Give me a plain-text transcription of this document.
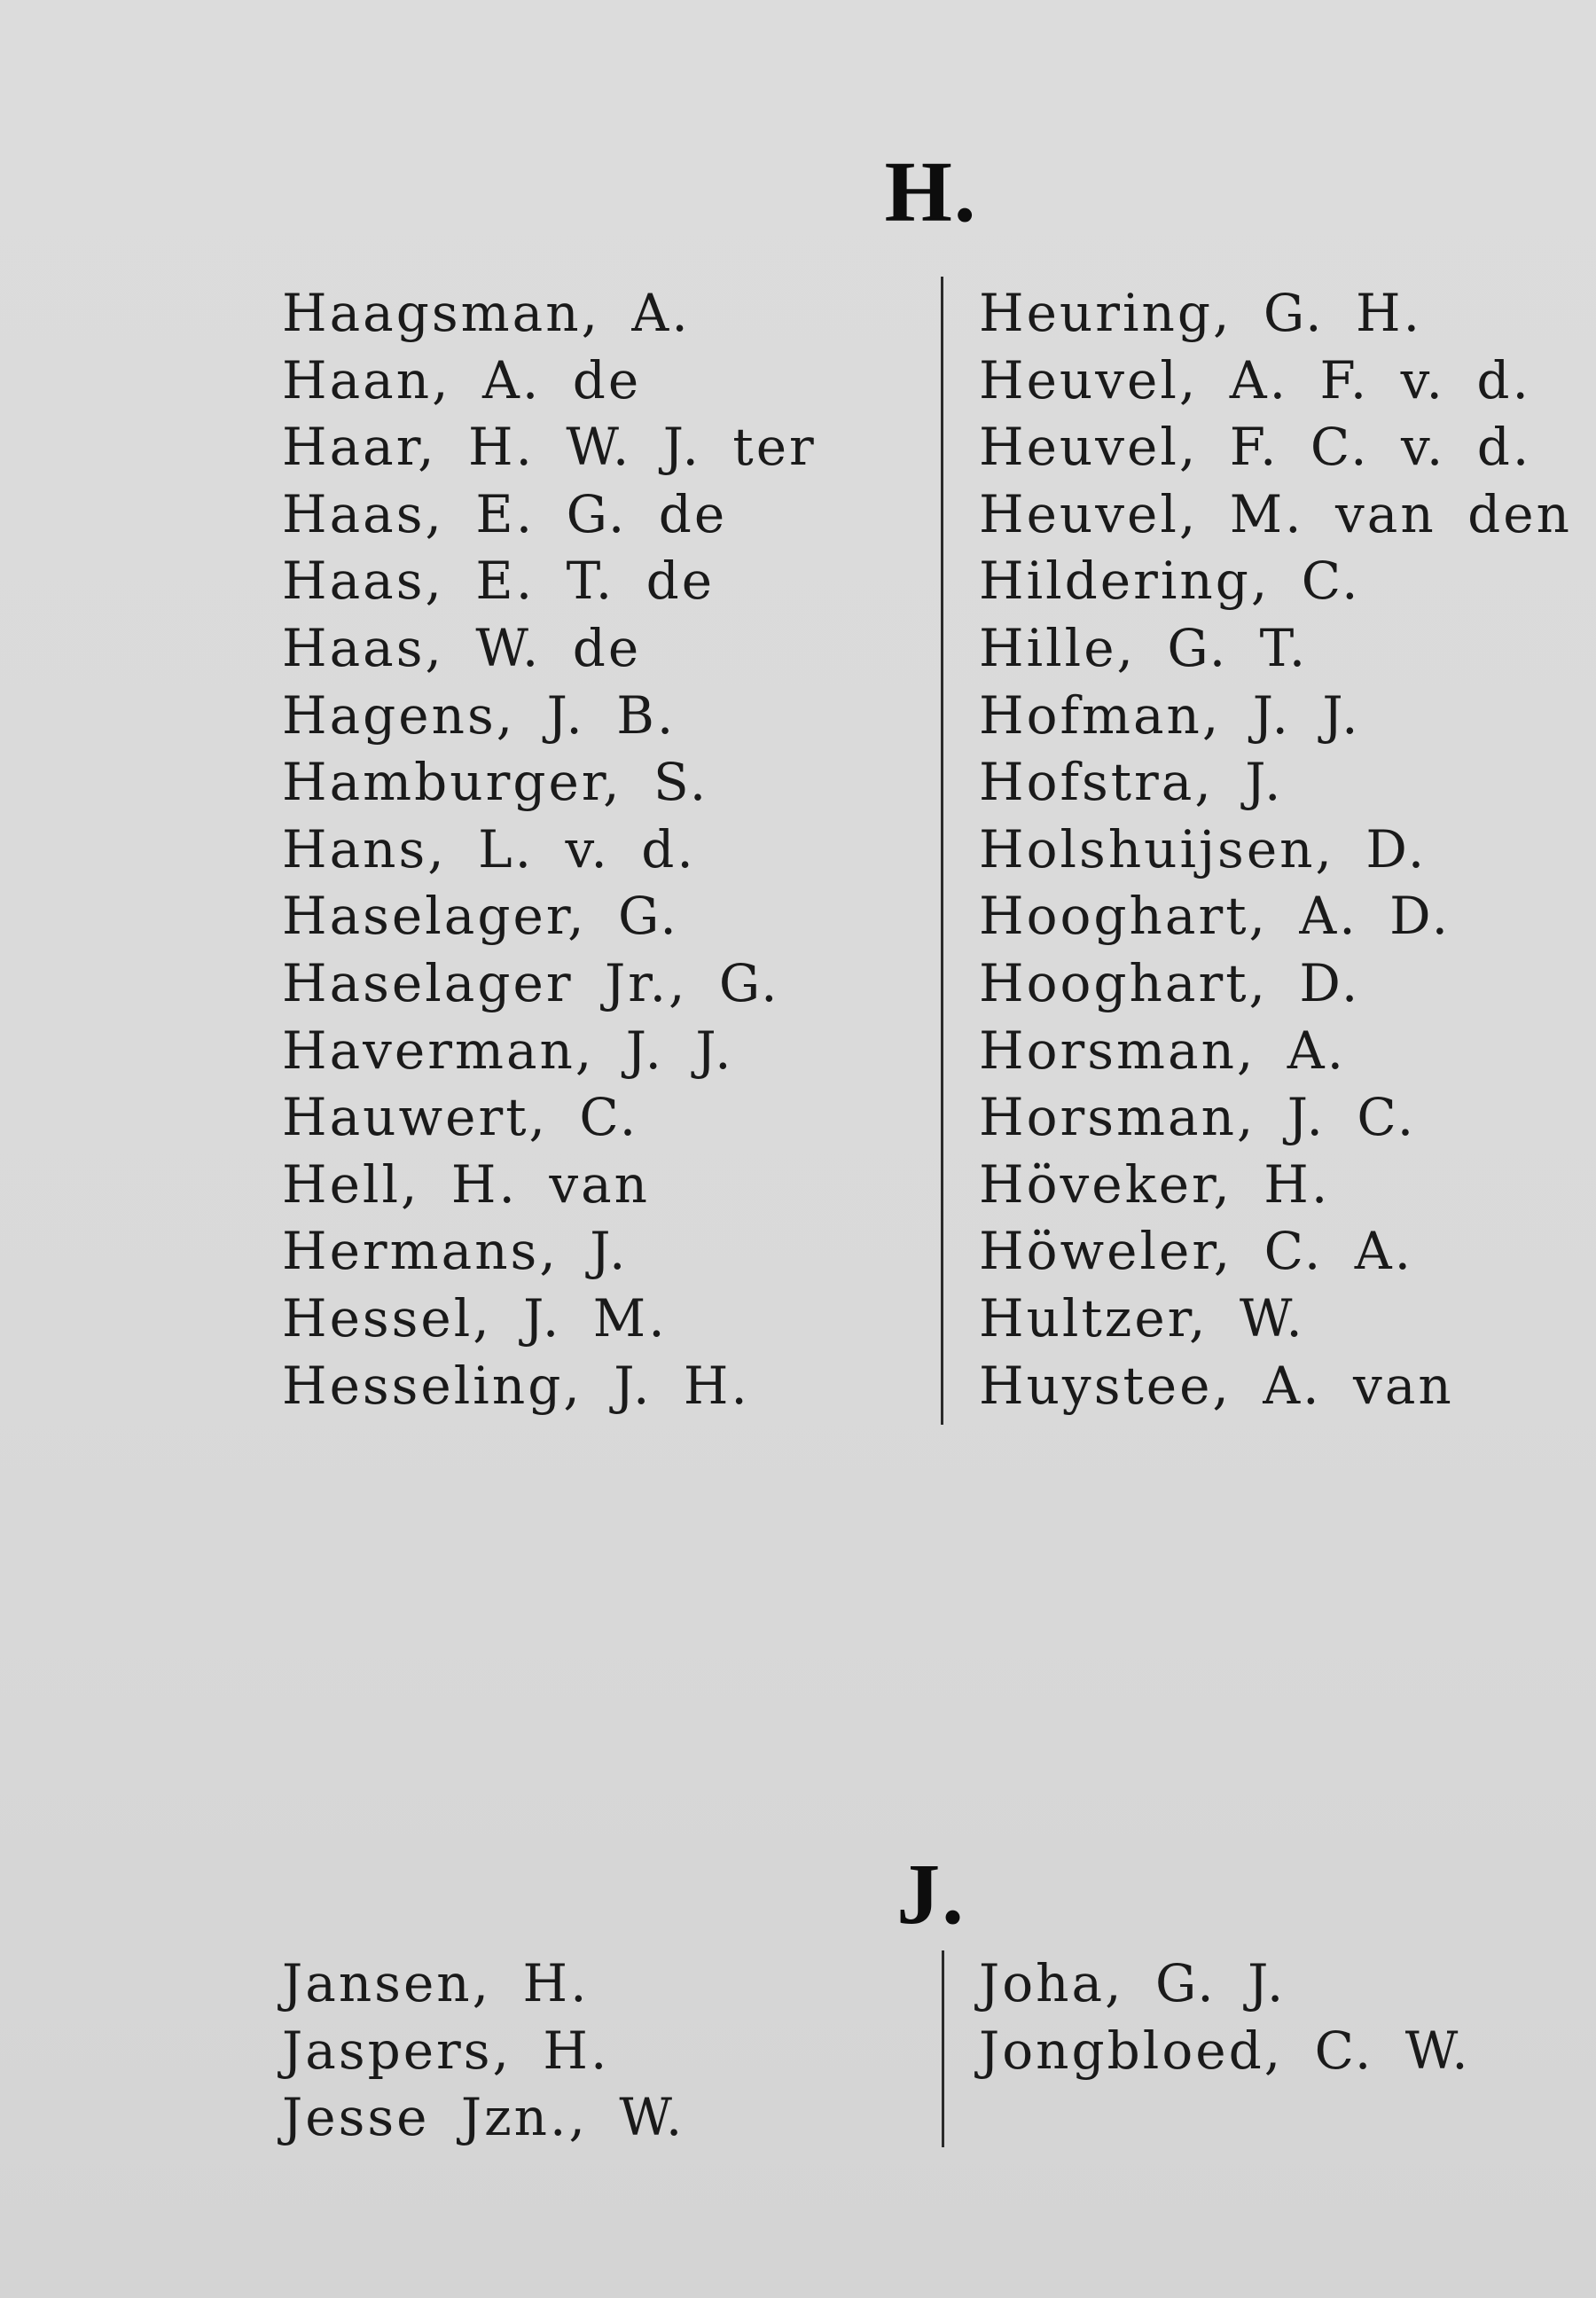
H.
Haagsman, A.
Haan, A. de
Haar, H. W. J. ter
Haas, E. G. de
Haas, E. T. de
Haas, W. de
Hagens, J. B.
Hamburger, S.
Hans, L. v. d.
Haselager, G.
Haselager Jr., G.
Haverman, J. J.
Hauwert, C.
Hell, H. van
Hermans, J.
Hessel, J. M.
Hesseling, J. H.
Heuring, G. H.
Heuvel, A. F. v. d.
Heuvel, F. C. v. d.
Heuvel, M. van den
Hildering, C.
Hille, G. T.
Hofman, J. J.
Hofstra, J.
Holshuijsen, D.
Hooghart, A. D.
Hooghart, D.
Horsman, A.
Horsman, J. C.
Höveker, H.
Höweler, C. A.
Hultzer, W.
Huystee, A. van
J.
Jansen, H.
Jaspers, H.
Jesse Jzn., W.
Joha, G. J.
Jongbloed, C. W.
